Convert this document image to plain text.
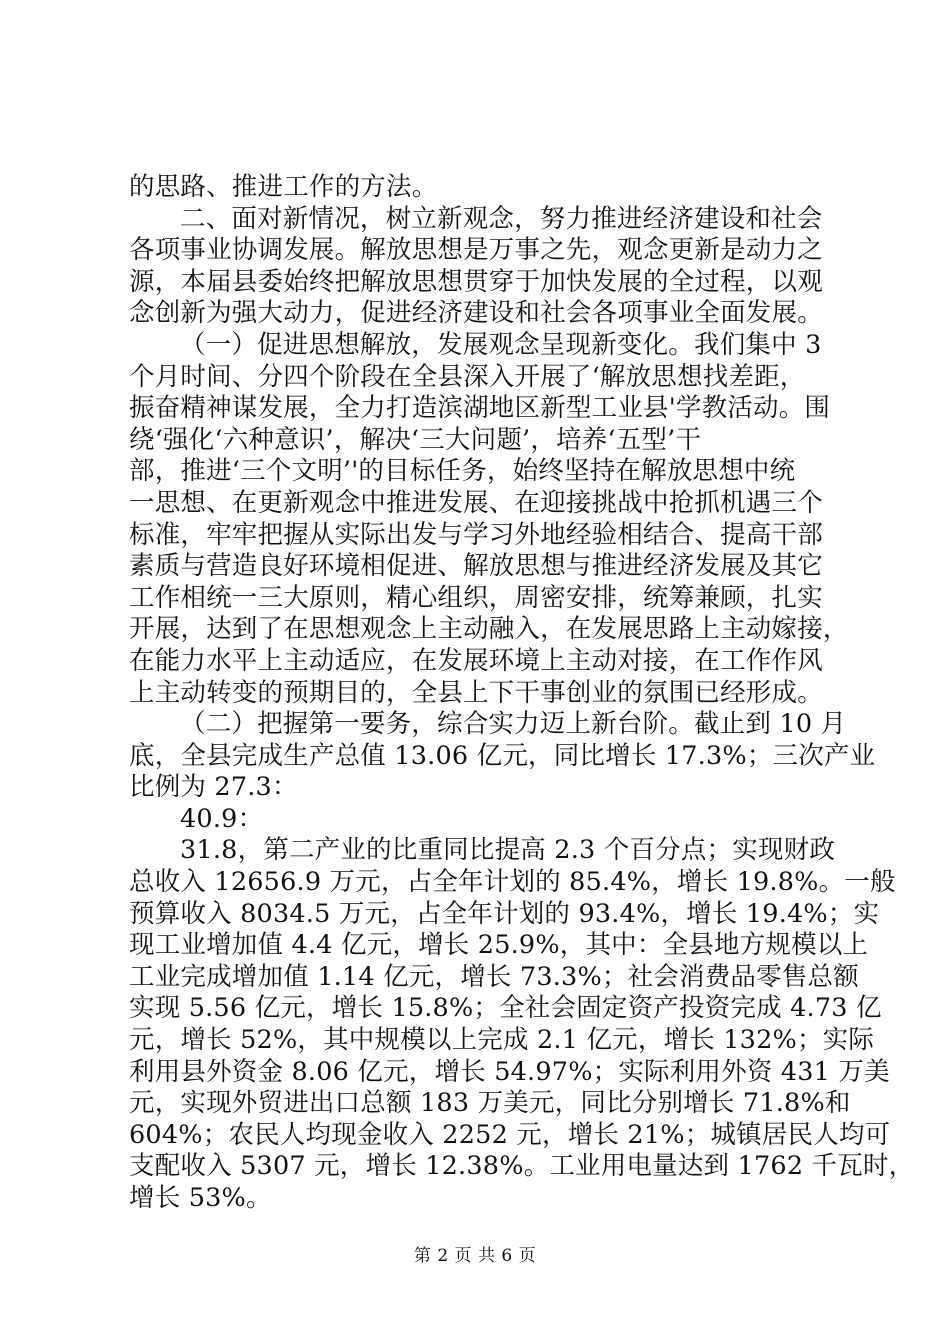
的思路、推进工作的方法。
二、面对新情况，树立新观念，努力推进经济建设和社会
各项事业协调发展。解放思想是万事之先，观念更新是动力之
源，本届县委始终把解放思想贯穿于加快发展的全过程，以观
念创新为强大动力，促进经济建设和社会各项事业全面发展。
（一）促进思想解放，发展观念呈现新变化。我们集中 3
个月时间、分四个阶段在全县深入开展了‘解放思想找差距，
振奋精神谋发展，全力打造滨湖地区新型工业县'学教活动。围
绕‘强化‘六种意识’，解决‘三大问题’，培养‘五型’干
部，推进‘三个文明’'的目标任务，始终坚持在解放思想中统
一思想、在更新观念中推进发展、在迎接挑战中抢抓机遇三个
标准，牢牢把握从实际出发与学习外地经验相结合、提高干部
素质与营造良好环境相促进、解放思想与推进经济发展及其它
工作相统一三大原则，精心组织，周密安排，统筹兼顾，扎实
开展，达到了在思想观念上主动融入，在发展思路上主动嫁接，
在能力水平上主动适应，在发展环境上主动对接，在工作作风
上主动转变的预期目的，全县上下干事创业的氛围已经形成。
（二）把握第一要务，综合实力迈上新台阶。截止到 10 月
底，全县完成生产总值 13.06 亿元，同比增长 17.3%；三次产业
比例为 27.3：
40.9：
31.8，第二产业的比重同比提高 2.3 个百分点；实现财政
总收入 12656.9 万元，占全年计划的 85.4%，增长 19.8%。一般
预算收入 8034.5 万元，占全年计划的 93.4%，增长 19.4%；实
现工业增加值 4.4 亿元，增长 25.9%，其中：全县地方规模以上
工业完成增加值 1.14 亿元，增长 73.3%；社会消费品零售总额
实现 5.56 亿元，增长 15.8%；全社会固定资产投资完成 4.73 亿
元，增长 52%，其中规模以上完成 2.1 亿元，增长 132%；实际
利用县外资金 8.06 亿元，增长 54.97%；实际利用外资 431 万美
元，实现外贸进出口总额 183 万美元，同比分别增长 71.8%和
604%；农民人均现金收入 2252 元，增长 21%；城镇居民人均可
支配收入 5307 元，增长 12.38%。工业用电量达到 1762 千瓦时，
增长 53%。
第 2 页 共 6 页
